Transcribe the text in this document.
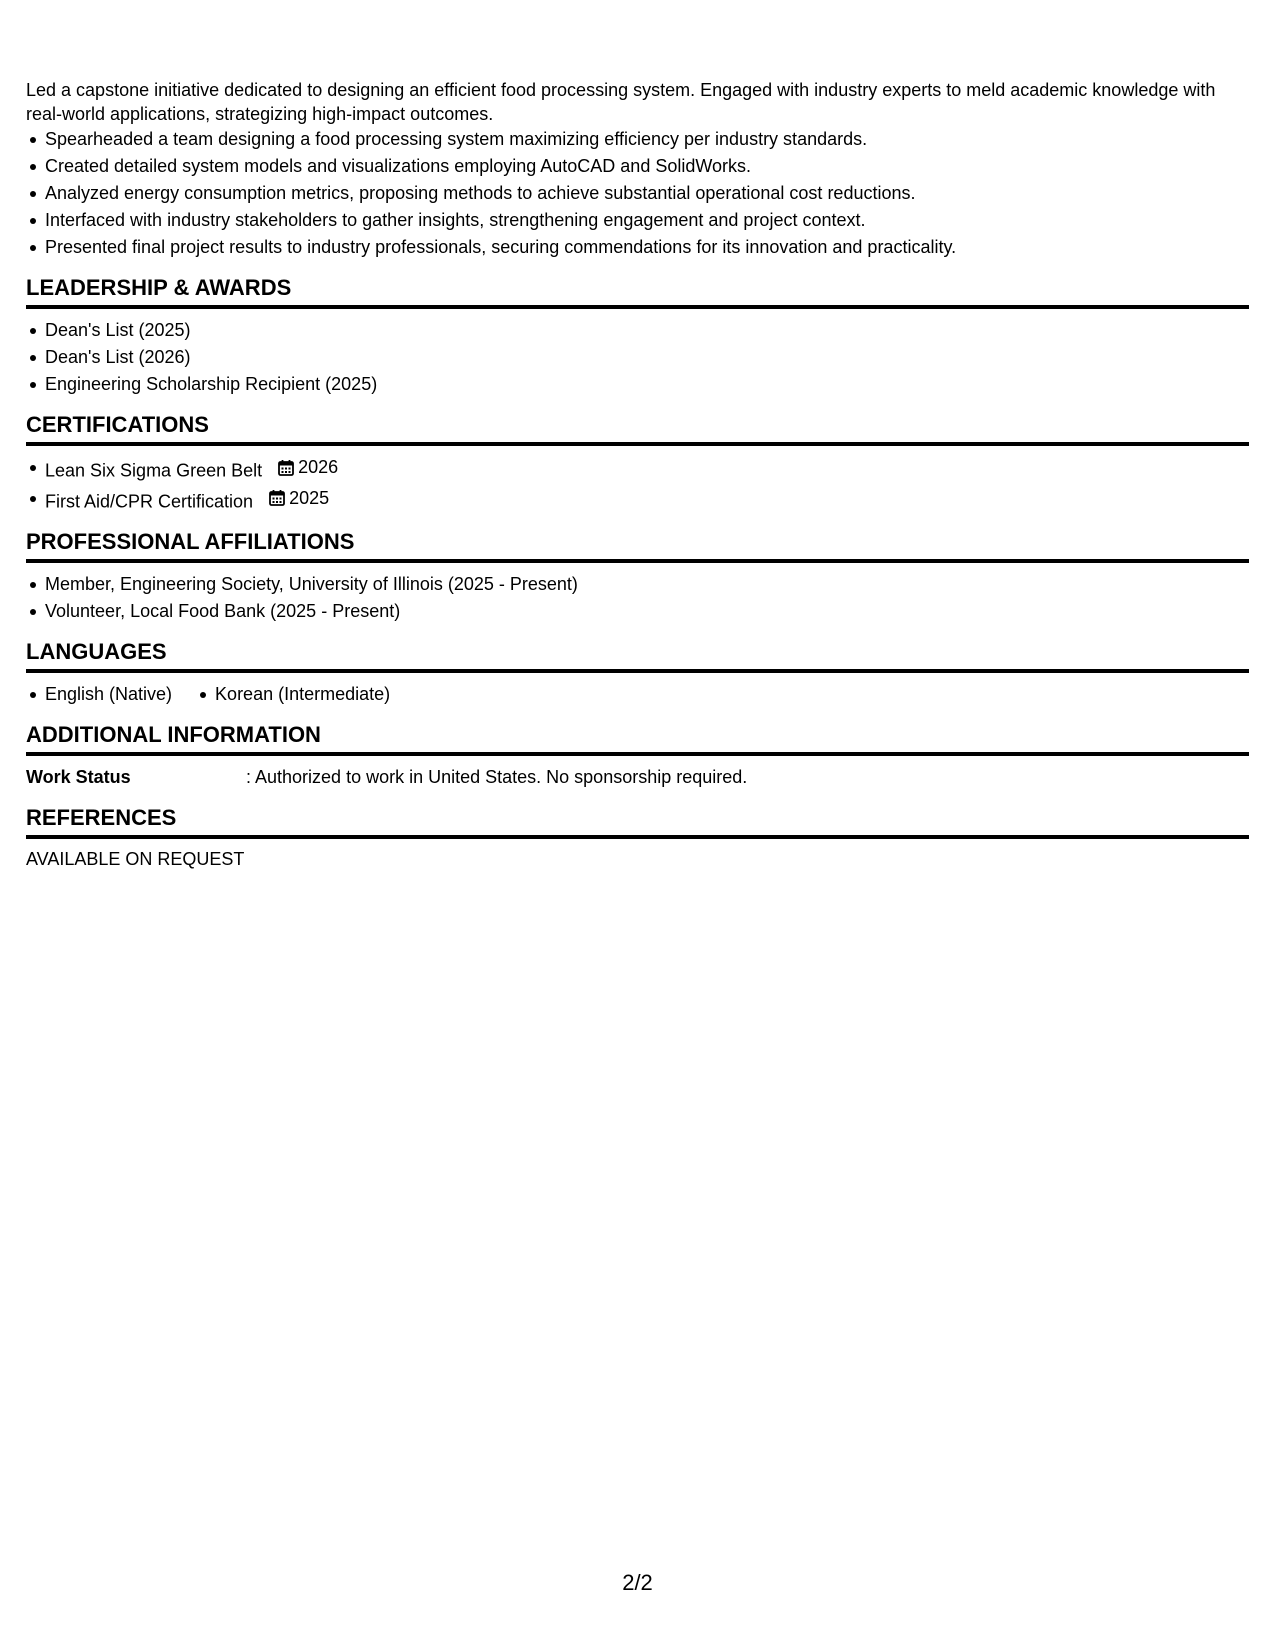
Led a capstone initiative dedicated to designing an efficient food processing system. Engaged with industry experts to meld academic knowledge with real-world applications, strategizing high-impact outcomes.

Spearheaded a team designing a food processing system maximizing efficiency per industry standards.
Created detailed system models and visualizations employing AutoCAD and SolidWorks.
Analyzed energy consumption metrics, proposing methods to achieve substantial operational cost reductions.
Interfaced with industry stakeholders to gather insights, strengthening engagement and project context.
Presented final project results to industry professionals, securing commendations for its innovation and practicality.
LEADERSHIP & AWARDS
Dean's List (2025)
Dean's List (2026)
Engineering Scholarship Recipient (2025)
CERTIFICATIONS
Lean Six Sigma Green Belt 2026
First Aid/CPR Certification 2025
PROFESSIONAL AFFILIATIONS
Member, Engineering Society, University of Illinois (2025 - Present)
Volunteer, Local Food Bank (2025 - Present)
LANGUAGES
English (Native)	Korean (Intermediate)
ADDITIONAL INFORMATION
Work Status	: Authorized to work in United States. No sponsorship required.
REFERENCES
AVAILABLE ON REQUEST
2/2
